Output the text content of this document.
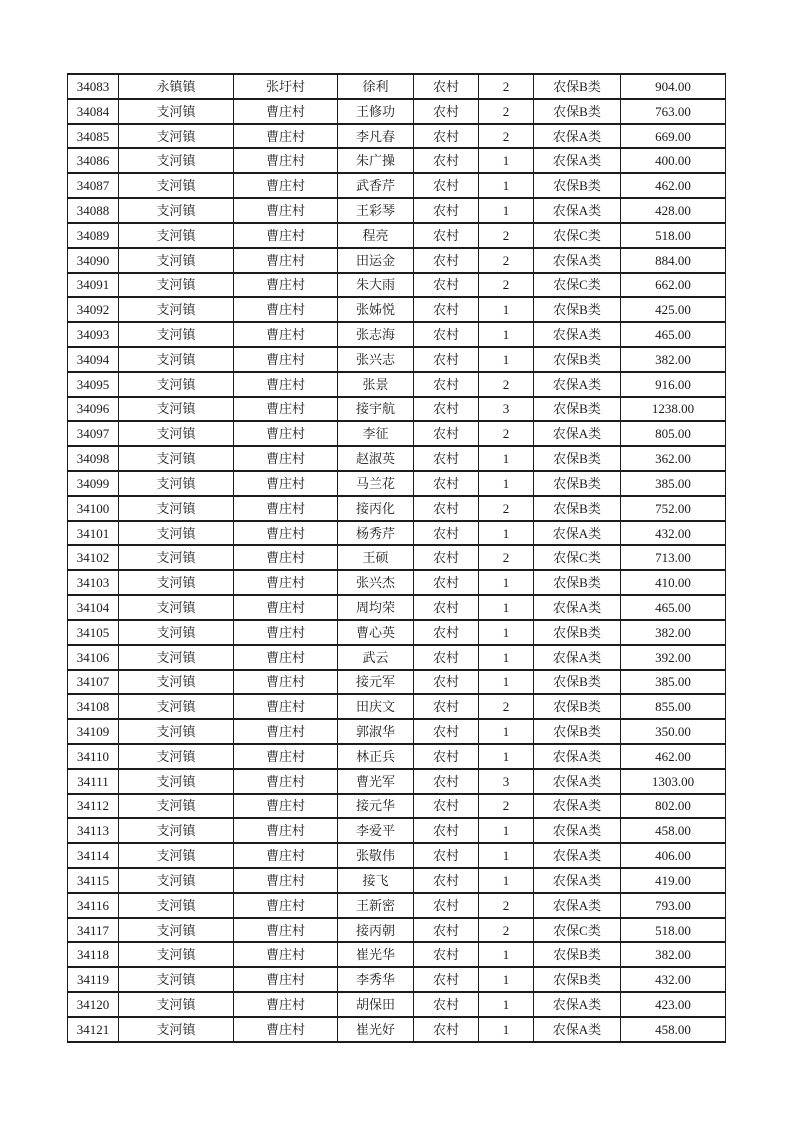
34083	永镇镇	张圩村	徐利	农村	2	农保B类	904.00
34084	支河镇	曹庄村	王修功	农村	2	农保B类	763.00
34085	支河镇	曹庄村	李凡春	农村	2	农保A类	669.00
34086	支河镇	曹庄村	朱广操	农村	1	农保A类	400.00
34087	支河镇	曹庄村	武香芹	农村	1	农保B类	462.00
34088	支河镇	曹庄村	王彩琴	农村	1	农保A类	428.00
34089	支河镇	曹庄村	程亮	农村	2	农保C类	518.00
34090	支河镇	曹庄村	田运金	农村	2	农保A类	884.00
34091	支河镇	曹庄村	朱大雨	农村	2	农保C类	662.00
34092	支河镇	曹庄村	张姊悦	农村	1	农保B类	425.00
34093	支河镇	曹庄村	张志海	农村	1	农保A类	465.00
34094	支河镇	曹庄村	张兴志	农村	1	农保B类	382.00
34095	支河镇	曹庄村	张景	农村	2	农保A类	916.00
34096	支河镇	曹庄村	接宇航	农村	3	农保B类	1238.00
34097	支河镇	曹庄村	李征	农村	2	农保A类	805.00
34098	支河镇	曹庄村	赵淑英	农村	1	农保B类	362.00
34099	支河镇	曹庄村	马兰花	农村	1	农保B类	385.00
34100	支河镇	曹庄村	接丙化	农村	2	农保B类	752.00
34101	支河镇	曹庄村	杨秀芹	农村	1	农保A类	432.00
34102	支河镇	曹庄村	王硕	农村	2	农保C类	713.00
34103	支河镇	曹庄村	张兴杰	农村	1	农保B类	410.00
34104	支河镇	曹庄村	周均荣	农村	1	农保A类	465.00
34105	支河镇	曹庄村	曹心英	农村	1	农保B类	382.00
34106	支河镇	曹庄村	武云	农村	1	农保A类	392.00
34107	支河镇	曹庄村	接元军	农村	1	农保B类	385.00
34108	支河镇	曹庄村	田庆文	农村	2	农保B类	855.00
34109	支河镇	曹庄村	郭淑华	农村	1	农保B类	350.00
34110	支河镇	曹庄村	林正兵	农村	1	农保A类	462.00
34111	支河镇	曹庄村	曹光军	农村	3	农保A类	1303.00
34112	支河镇	曹庄村	接元华	农村	2	农保A类	802.00
34113	支河镇	曹庄村	李爱平	农村	1	农保A类	458.00
34114	支河镇	曹庄村	张敬伟	农村	1	农保A类	406.00
34115	支河镇	曹庄村	接飞	农村	1	农保A类	419.00
34116	支河镇	曹庄村	王新密	农村	2	农保A类	793.00
34117	支河镇	曹庄村	接丙朝	农村	2	农保C类	518.00
34118	支河镇	曹庄村	崔光华	农村	1	农保B类	382.00
34119	支河镇	曹庄村	李秀华	农村	1	农保B类	432.00
34120	支河镇	曹庄村	胡保田	农村	1	农保A类	423.00
34121	支河镇	曹庄村	崔光好	农村	1	农保A类	458.00
